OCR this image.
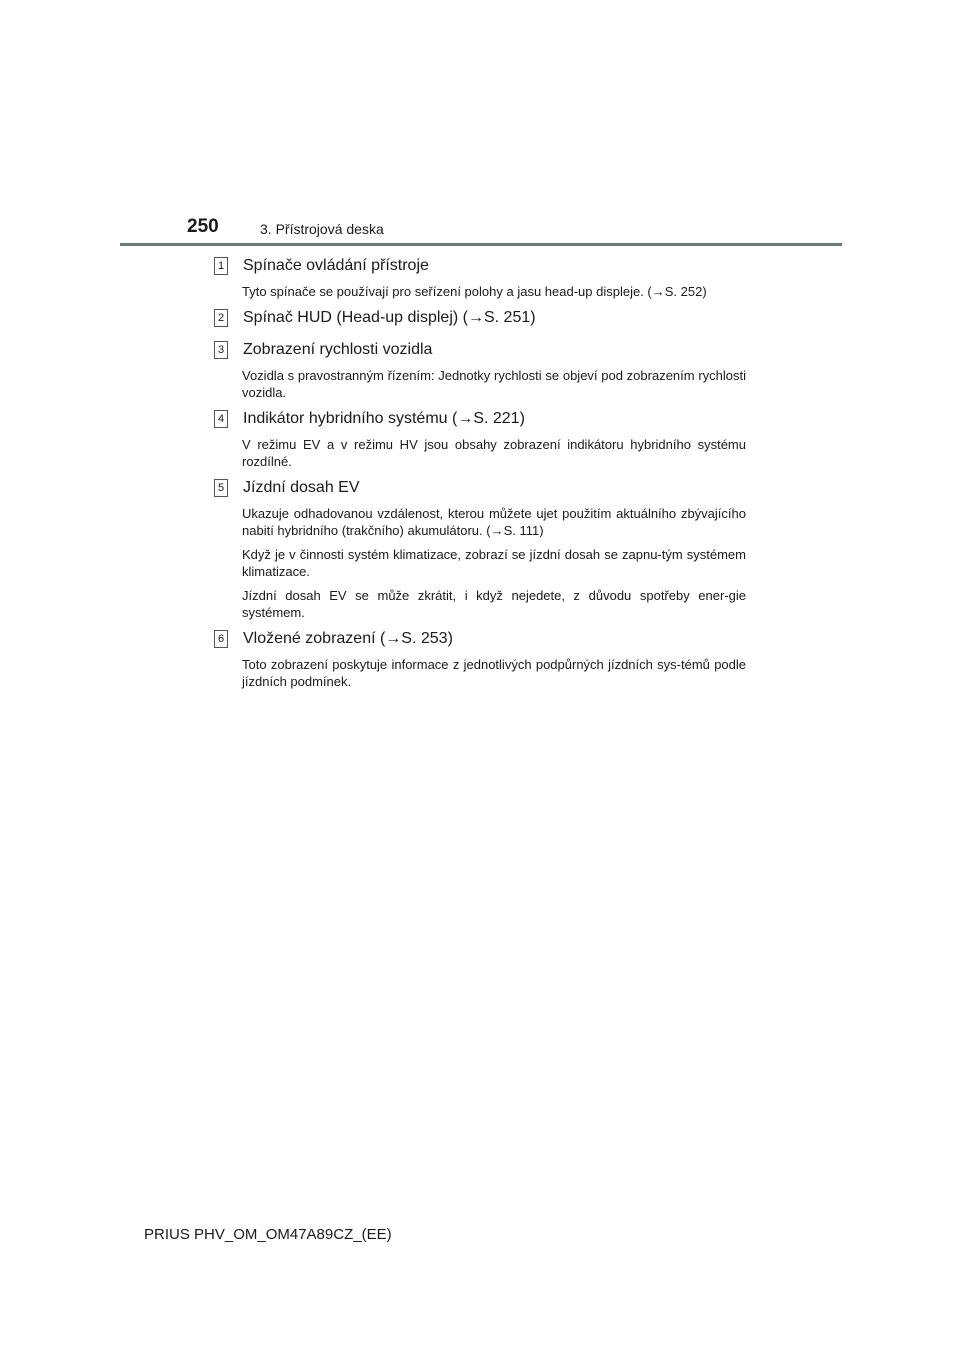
250	3. Přístrojová deska
1 Spínače ovládání přístroje

Tyto spínače se používají pro seřízení polohy a jasu head-up displeje. (→S. 252)

2 Spínač HUD (Head-up displej) (→S. 251)
3 Zobrazení rychlosti vozidla

Vozidla s pravostranným řízením: Jednotky rychlosti se objeví pod zobrazením rychlosti vozidla.

4 Indikátor hybridního systému (→S. 221)

V režimu EV a v režimu HV jsou obsahy zobrazení indikátoru hybridního systému rozdílné.

5 Jízdní dosah EV

Ukazuje odhadovanou vzdálenost, kterou můžete ujet použitím aktuálního zbývajícího nabití hybridního (trakčního) akumulátoru. (→S. 111)

Když je v činnosti systém klimatizace, zobrazí se jízdní dosah se zapnu-tým systémem klimatizace.

Jízdní dosah EV se může zkrátit, i když nejedete, z důvodu spotřeby ener-gie systémem.

6 Vložené zobrazení (→S. 253)

Toto zobrazení poskytuje informace z jednotlivých podpůrných jízdních sys-témů podle jízdních podmínek.

PRIUS PHV_OM_OM47A89CZ_(EE)
